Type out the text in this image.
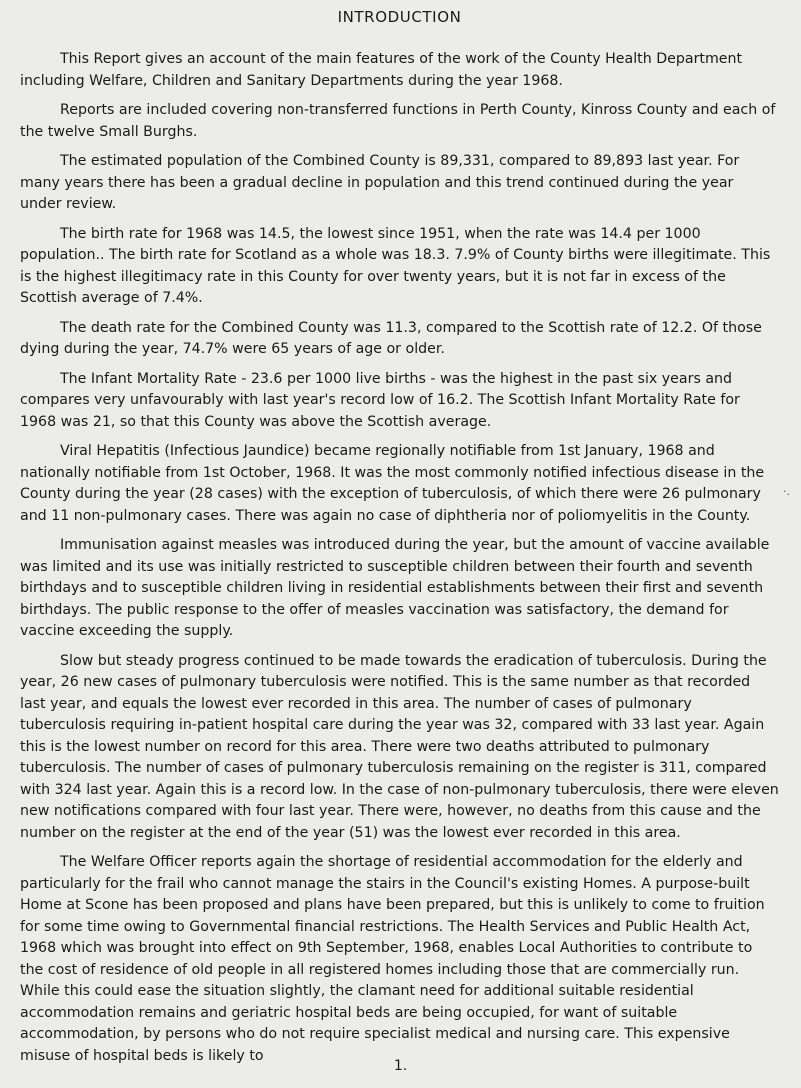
INTRODUCTION

This Report gives an account of the main features of the work of the County Health Department including Welfare, Children and Sanitary Departments during the year 1968.

Reports are included covering non-transferred functions in Perth County, Kinross County and each of the twelve Small Burghs.

The estimated population of the Combined County is 89,331, compared to 89,893 last year. For many years there has been a gradual decline in population and this trend continued during the year under review.

The birth rate for 1968 was 14.5, the lowest since 1951, when the rate was 14.4 per 1000 population.. The birth rate for Scotland as a whole was 18.3. 7.9% of County births were illegitimate. This is the highest illegitimacy rate in this County for over twenty years, but it is not far in excess of the Scottish average of 7.4%.

The death rate for the Combined County was 11.3, compared to the Scottish rate of 12.2. Of those dying during the year, 74.7% were 65 years of age or older.

The Infant Mortality Rate - 23.6 per 1000 live births - was the highest in the past six years and compares very unfavourably with last year's record low of 16.2. The Scottish Infant Mortality Rate for 1968 was 21, so that this County was above the Scottish average.

Viral Hepatitis (Infectious Jaundice) became regionally notifiable from 1st January, 1968 and nationally notifiable from 1st October, 1968. It was the most commonly notified infectious disease in the County during the year (28 cases) with the exception of tuberculosis, of which there were 26 pulmonary and 11 non-pulmonary cases. There was again no case of diphtheria nor of poliomyelitis in the County.

Immunisation against measles was introduced during the year, but the amount of vaccine available was limited and its use was initially restricted to susceptible children between their fourth and seventh birthdays and to susceptible children living in residential establishments between their first and seventh birthdays. The public response to the offer of measles vaccination was satisfactory, the demand for vaccine exceeding the supply.

Slow but steady progress continued to be made towards the eradication of tuberculosis. During the year, 26 new cases of pulmonary tuberculosis were notified. This is the same number as that recorded last year, and equals the lowest ever recorded in this area. The number of cases of pulmonary tuberculosis requiring in-patient hospital care during the year was 32, compared with 33 last year. Again this is the lowest number on record for this area. There were two deaths attributed to pulmonary tuberculosis. The number of cases of pulmonary tuberculosis remaining on the register is 311, compared with 324 last year. Again this is a record low. In the case of non-pulmonary tuberculosis, there were eleven new notifications compared with four last year. There were, however, no deaths from this cause and the number on the register at the end of the year (51) was the lowest ever recorded in this area.

The Welfare Officer reports again the shortage of residential accommodation for the elderly and particularly for the frail who cannot manage the stairs in the Council's existing Homes. A purpose-built Home at Scone has been proposed and plans have been prepared, but this is unlikely to come to fruition for some time owing to Governmental financial restrictions. The Health Services and Public Health Act, 1968 which was brought into effect on 9th September, 1968, enables Local Authorities to contribute to the cost of residence of old people in all registered homes including those that are commercially run. While this could ease the situation slightly, the clamant need for additional suitable residential accommodation remains and geriatric hospital beds are being occupied, for want of suitable accommodation, by persons who do not require specialist medical and nursing care. This expensive misuse of hospital beds is likely to

1.
·.
